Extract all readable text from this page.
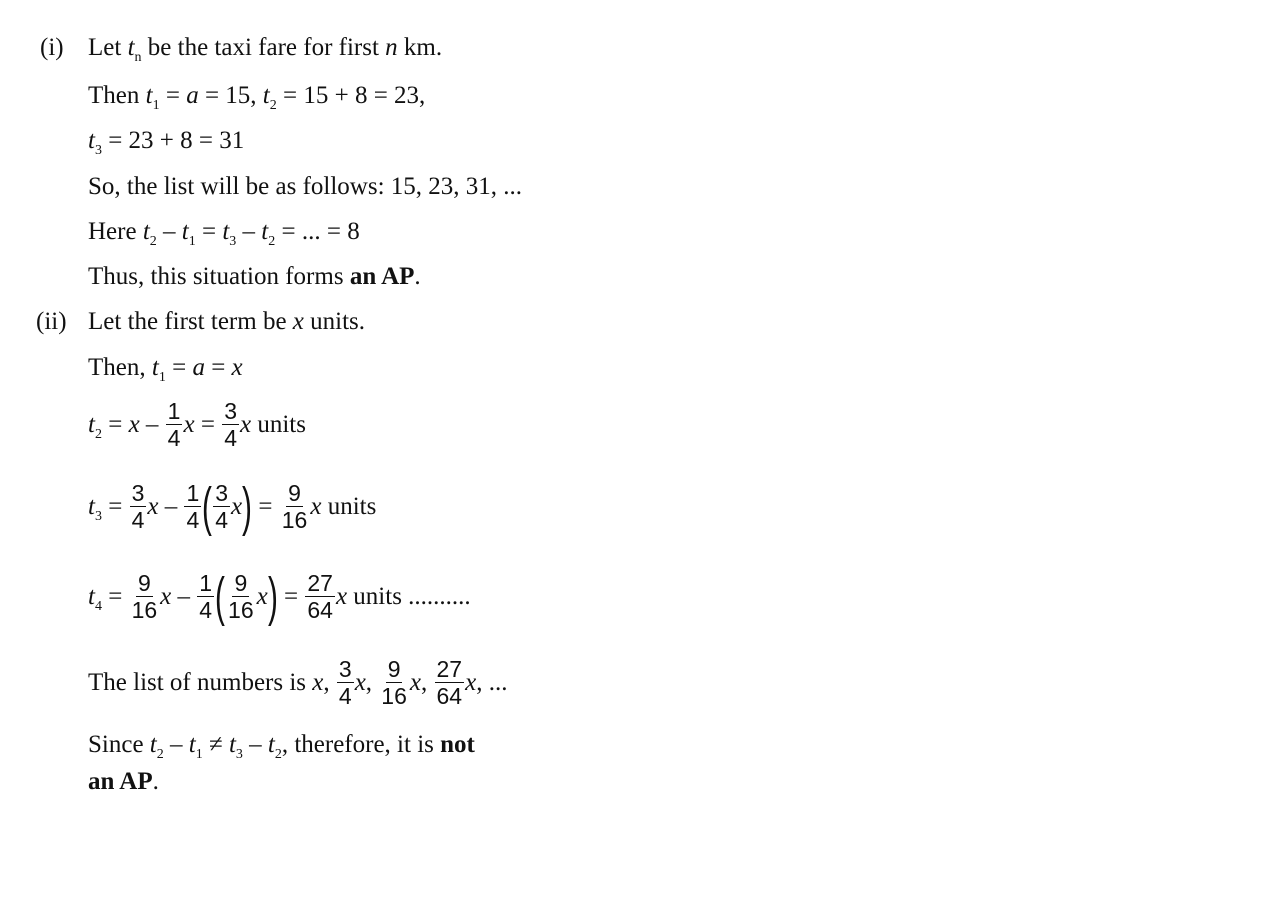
(i)
(ii)
Let $t_n$ be the taxi fare for first n km.
Then $t_1 = a = 15$, $t_2 = 15 + 8 = 23$,
$t_3 = 23 + 8 = 31$
So, the list will be as follows: 15, 23, 31, ...
Here $t_2 - t_1 = t_3 - t_2$ = ... = 8
Thus, this situation forms an AP .
Let the first term be x units.
Then, $t_1 = a = x$
$t_2 = x - \frac{1}{4}$ $x = \frac{3}{4}$ x units
$t_3 = \frac{3}{4}$ x – $\frac{1}{4}$ ( $\frac{3}{4}$ x ) = $\frac{9}{16}$ x units
$t_4 = \frac{9}{16}$ x – $\frac{1}{4}$ ( $\frac{9}{16}$ x ) = $\frac{27}{64}$ x units ..........
The list of numbers is x , $\frac{3}{4}$ x , $\frac{9}{16}$ x , $\frac{27}{64}$ x , ...
Since $t_2 - t_1 \ne t_3 - t_2$ , therefore, it is not
an AP .
